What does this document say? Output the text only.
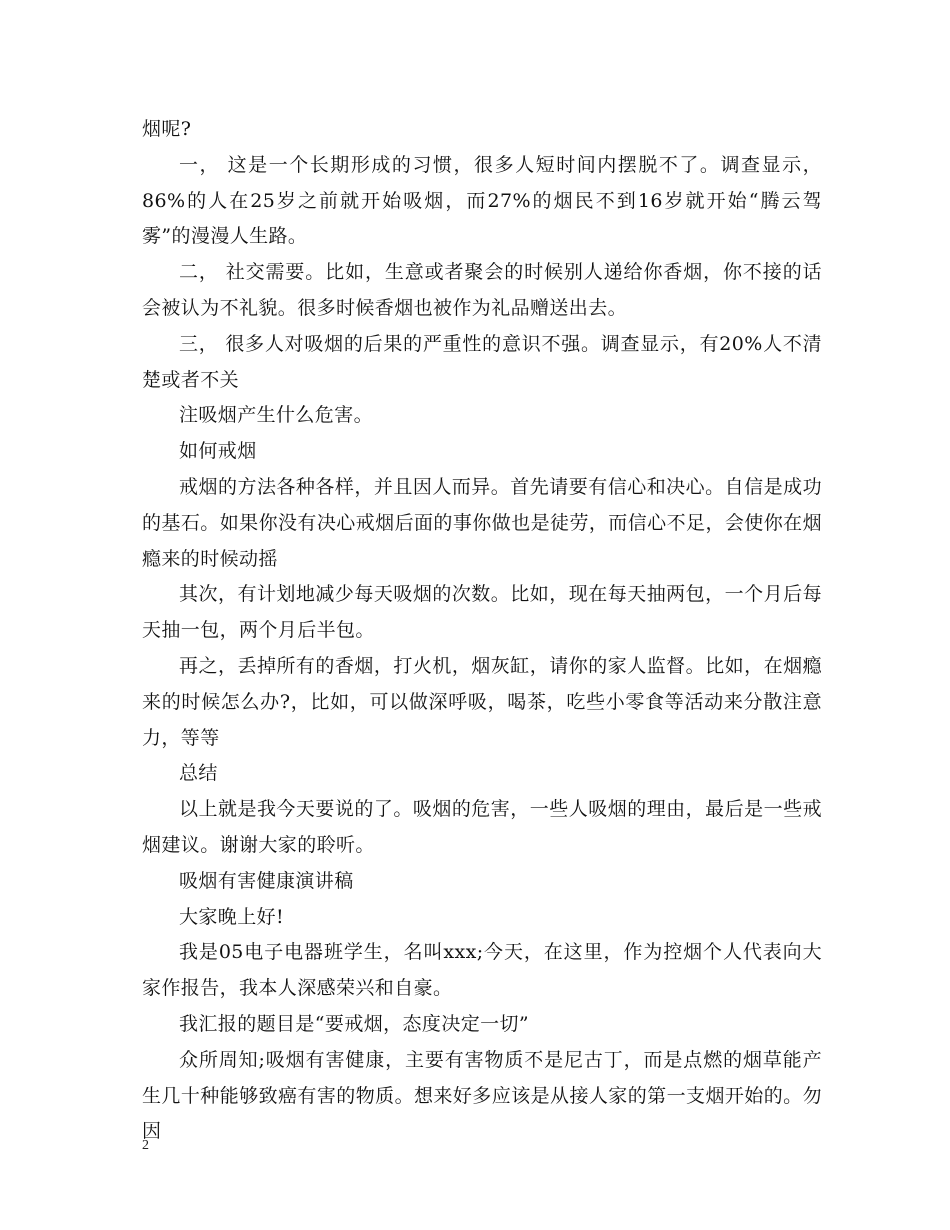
烟呢?

一， 这是一个长期形成的习惯，很多人短时间内摆脱不了。调查显示，86%的人在25岁之前就开始吸烟，而27%的烟民不到16岁就开始“腾云驾雾”的漫漫人生路。

二， 社交需要。比如，生意或者聚会的时候别人递给你香烟，你不接的话会被认为不礼貌。很多时候香烟也被作为礼品赠送出去。

三， 很多人对吸烟的后果的严重性的意识不强。调查显示，有20%人不清楚或者不关

注吸烟产生什么危害。

如何戒烟

戒烟的方法各种各样，并且因人而异。首先请要有信心和决心。自信是成功的基石。如果你没有决心戒烟后面的事你做也是徒劳，而信心不足，会使你在烟瘾来的时候动摇

其次，有计划地减少每天吸烟的次数。比如，现在每天抽两包，一个月后每天抽一包，两个月后半包。

再之，丢掉所有的香烟，打火机，烟灰缸，请你的家人监督。比如，在烟瘾来的时候怎么办?，比如，可以做深呼吸，喝茶，吃些小零食等活动来分散注意力，等等

总结

以上就是我今天要说的了。吸烟的危害，一些人吸烟的理由，最后是一些戒烟建议。谢谢大家的聆听。

吸烟有害健康演讲稿

大家晚上好!

我是05电子电器班学生，名叫xxx;今天，在这里，作为控烟个人代表向大家作报告，我本人深感荣兴和自豪。

我汇报的题目是“要戒烟，态度决定一切”

众所周知;吸烟有害健康，主要有害物质不是尼古丁，而是点燃的烟草能产生几十种能够致癌有害的物质。想来好多应该是从接人家的第一支烟开始的。勿因

2
